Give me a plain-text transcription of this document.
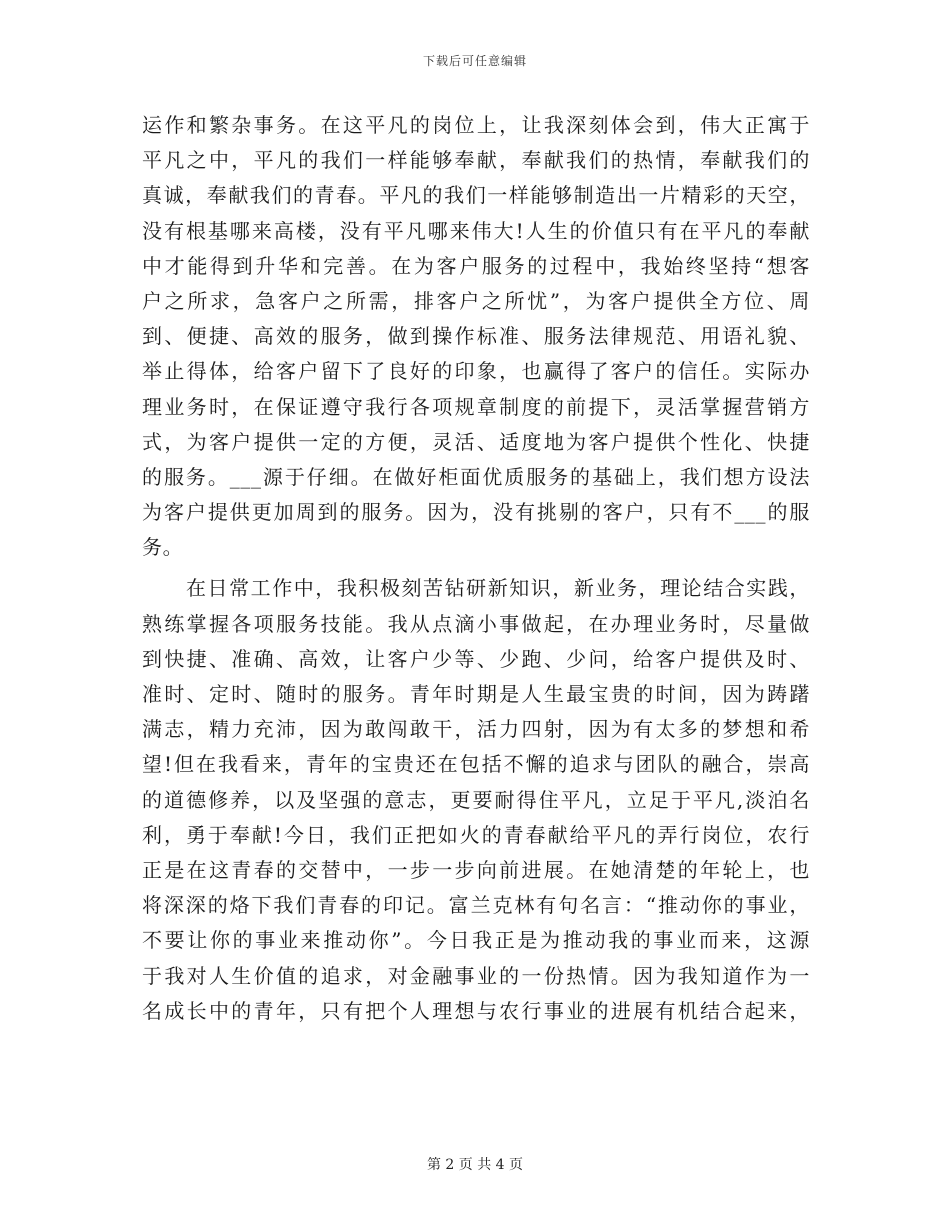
下载后可任意编辑
运作和繁杂事务。在这平凡的岗位上，让我深刻体会到，伟大正寓于
平凡之中，平凡的我们一样能够奉献，奉献我们的热情，奉献我们的
真诚，奉献我们的青春。平凡的我们一样能够制造出一片精彩的天空，
没有根基哪来高楼，没有平凡哪来伟大!人生的价值只有在平凡的奉献
中才能得到升华和完善。在为客户服务的过程中，我始终坚持“想客
户之所求，急客户之所需，排客户之所忧”，为客户提供全方位、周
到、便捷、高效的服务，做到操作标准、服务法律规范、用语礼貌、
举止得体，给客户留下了良好的印象，也赢得了客户的信任。实际办
理业务时，在保证遵守我行各项规章制度的前提下，灵活掌握营销方
式，为客户提供一定的方便，灵活、适度地为客户提供个性化、快捷
的服务。___源于仔细。在做好柜面优质服务的基础上，我们想方设法
为客户提供更加周到的服务。因为，没有挑剔的客户，只有不___的服
务。
在日常工作中，我积极刻苦钻研新知识，新业务，理论结合实践，
熟练掌握各项服务技能。我从点滴小事做起，在办理业务时，尽量做
到快捷、准确、高效，让客户少等、少跑、少问，给客户提供及时、
准时、定时、随时的服务。青年时期是人生最宝贵的时间，因为踌躇
满志，精力充沛，因为敢闯敢干，活力四射，因为有太多的梦想和希
望!但在我看来，青年的宝贵还在包括不懈的追求与团队的融合，崇高
的道德修养，以及坚强的意志，更要耐得住平凡，立足于平凡,淡泊名
利，勇于奉献!今日，我们正把如火的青春献给平凡的弄行岗位，农行
正是在这青春的交替中，一步一步向前进展。在她清楚的年轮上，也
将深深的烙下我们青春的印记。富兰克林有句名言：“推动你的事业，
不要让你的事业来推动你”。今日我正是为推动我的事业而来，这源
于我对人生价值的追求，对金融事业的一份热情。因为我知道作为一
名成长中的青年，只有把个人理想与农行事业的进展有机结合起来，
第 2 页 共 4 页
